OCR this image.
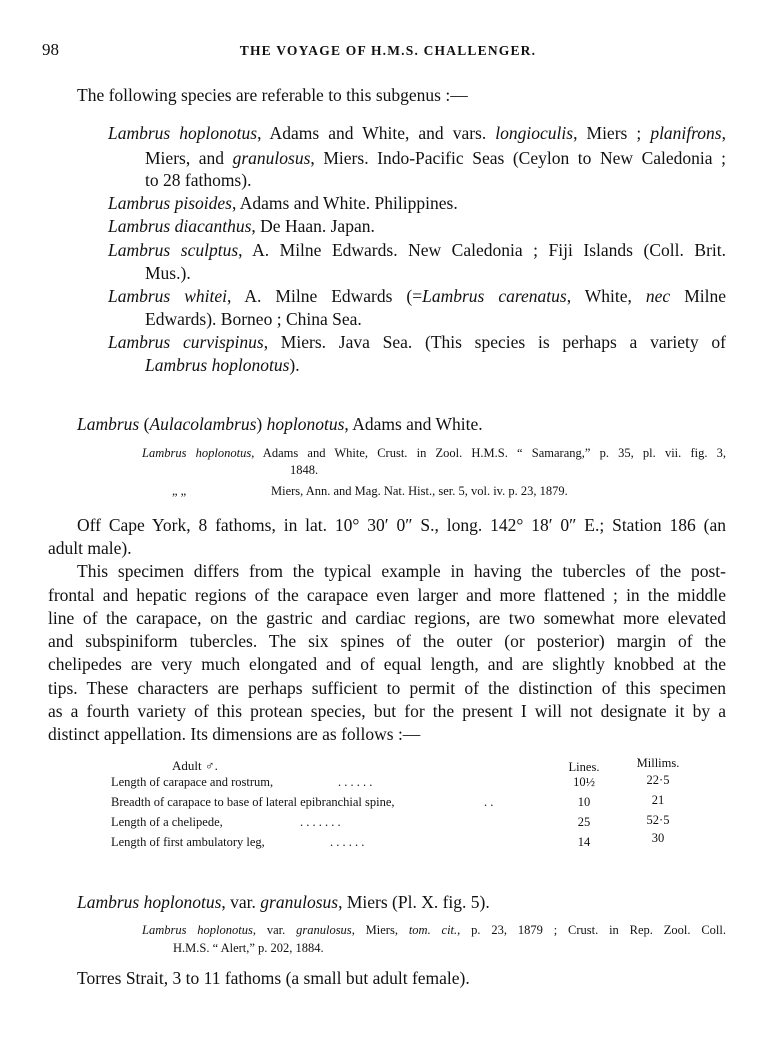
98	THE VOYAGE OF H.M.S. CHALLENGER.
The following species are referable to this subgenus :—
Lambrus hoplonotus, Adams and White, and vars. longioculis, Miers ; planifrons,
Miers, and granulosus, Miers. Indo-Pacific Seas (Ceylon to New Caledonia ;
to 28 fathoms).
Lambrus pisoides, Adams and White. Philippines.
Lambrus diacanthus, De Haan. Japan.
Lambrus sculptus, A. Milne Edwards. New Caledonia ; Fiji Islands (Coll. Brit.
Mus.).
Lambrus whitei, A. Milne Edwards (=Lambrus carenatus, White, nec Milne
Edwards). Borneo ; China Sea.
Lambrus curvispinus, Miers. Java Sea. (This species is perhaps a variety of
Lambrus hoplonotus).
Lambrus (Aulacolambrus) hoplonotus, Adams and White.
Lambrus hoplonotus, Adams and White, Crust. in Zool. H.M.S. “ Samarang,” p. 35, pl. vii. fig. 3,
1848.
„ „	Miers, Ann. and Mag. Nat. Hist., ser. 5, vol. iv. p. 23, 1879.
Off Cape York, 8 fathoms, in lat. 10° 30′ 0″ S., long. 142° 18′ 0″ E.; Station 186 (an
adult male).
This specimen differs from the typical example in having the tubercles of the post-
frontal and hepatic regions of the carapace even larger and more flattened ; in the middle
line of the carapace, on the gastric and cardiac regions, are two somewhat more elevated
and subspiniform tubercles. The six spines of the outer (or posterior) margin of the
chelipedes are very much elongated and of equal length, and are slightly knobbed at the
tips. These characters are perhaps sufficient to permit of the distinction of this specimen
as a fourth variety of this protean species, but for the present I will not designate it by a
distinct appellation. Its dimensions are as follows :—
Adult ♂.	Lines.	Millims.
Length of carapace and rostrum,	. . . . . .	10½	22·5
Breadth of carapace to base of lateral epibranchial spine,	. .	10	21
Length of a chelipede,	. . . . . . .	25	52·5
Length of first ambulatory leg,	. . . . . .	14	30
Lambrus hoplonotus, var. granulosus, Miers (Pl. X. fig. 5).
Lambrus hoplonotus, var. granulosus, Miers, tom. cit., p. 23, 1879 ; Crust. in Rep. Zool. Coll.
H.M.S. “ Alert,” p. 202, 1884.
Torres Strait, 3 to 11 fathoms (a small but adult female).
